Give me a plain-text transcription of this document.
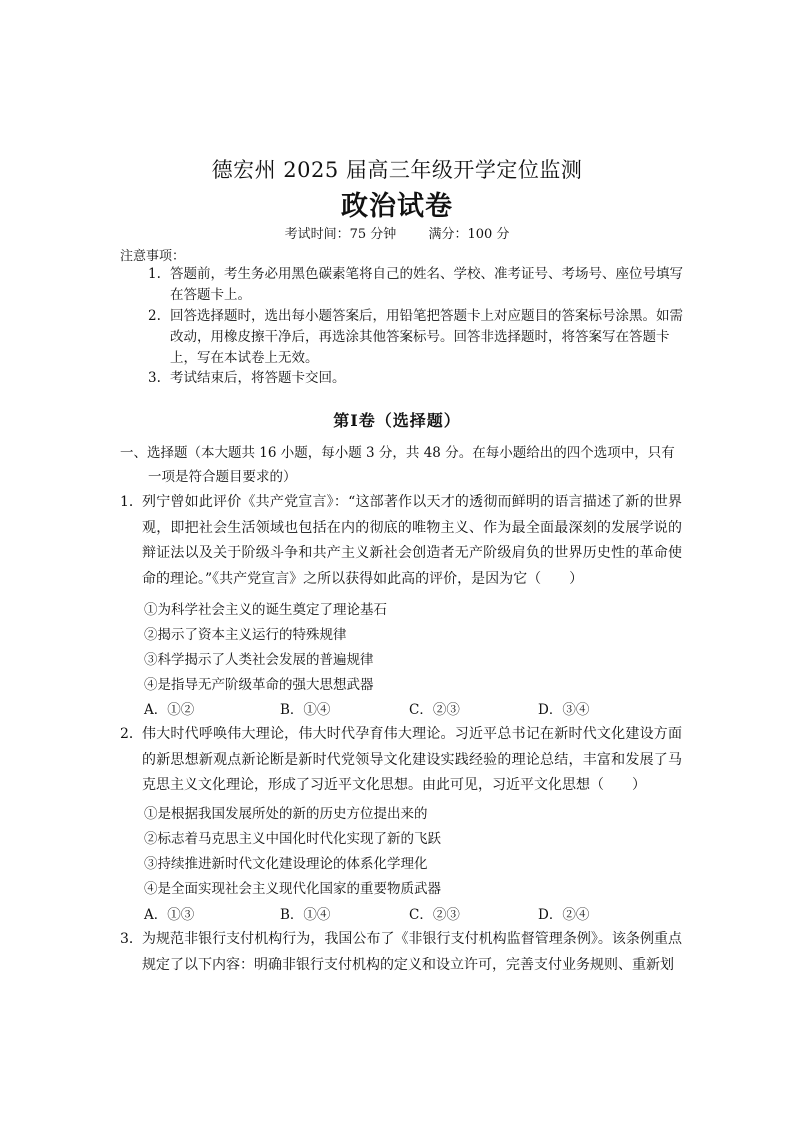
德宏州 2025 届高三年级开学定位监测
政治试卷
考试时间：75 分钟 满分：100 分
注意事项：
1. 答题前，考生务必用黑色碳素笔将自己的姓名、学校、准考证号、考场号、座位号填写在答题卡上。
2. 回答选择题时，选出每小题答案后，用铅笔把答题卡上对应题目的答案标号涂黑。如需改动，用橡皮擦干净后，再选涂其他答案标号。回答非选择题时，将答案写在答题卡上，写在本试卷上无效。
3. 考试结束后，将答题卡交回。
第Ⅰ卷（选择题）
一、选择题（本大题共 16 小题，每小题 3 分，共 48 分。在每小题给出的四个选项中，只有
一项是符合题目要求的）
1． 列宁曾如此评价《共产党宣言》：“这部著作以天才的透彻而鲜明的语言描述了新的世界观，即把社会生活领域也包括在内的彻底的唯物主义、作为最全面最深刻的发展学说的辩证法以及关于阶级斗争和共产主义新社会创造者无产阶级肩负的世界历史性的革命使命的理论。”《共产党宣言》之所以获得如此高的评价，是因为它（　　）
①为科学社会主义的诞生奠定了理论基石
②揭示了资本主义运行的特殊规律
③科学揭示了人类社会发展的普遍规律
④是指导无产阶级革命的强大思想武器
A．①②	B．①④	C．②③	D．③④
2． 伟大时代呼唤伟大理论，伟大时代孕育伟大理论。习近平总书记在新时代文化建设方面的新思想新观点新论断是新时代党领导文化建设实践经验的理论总结，丰富和发展了马克思主义文化理论，形成了习近平文化思想。由此可见，习近平文化思想（　　）
①是根据我国发展所处的新的历史方位提出来的
②标志着马克思主义中国化时代化实现了新的飞跃
③持续推进新时代文化建设理论的体系化学理化
④是全面实现社会主义现代化国家的重要物质武器
A．①③	B．①④	C．②③	D．②④
3． 为规范非银行支付机构行为，我国公布了《非银行支付机构监督管理条例》。该条例重点规定了以下内容：明确非银行支付机构的定义和设立许可，完善支付业务规则、重新划
